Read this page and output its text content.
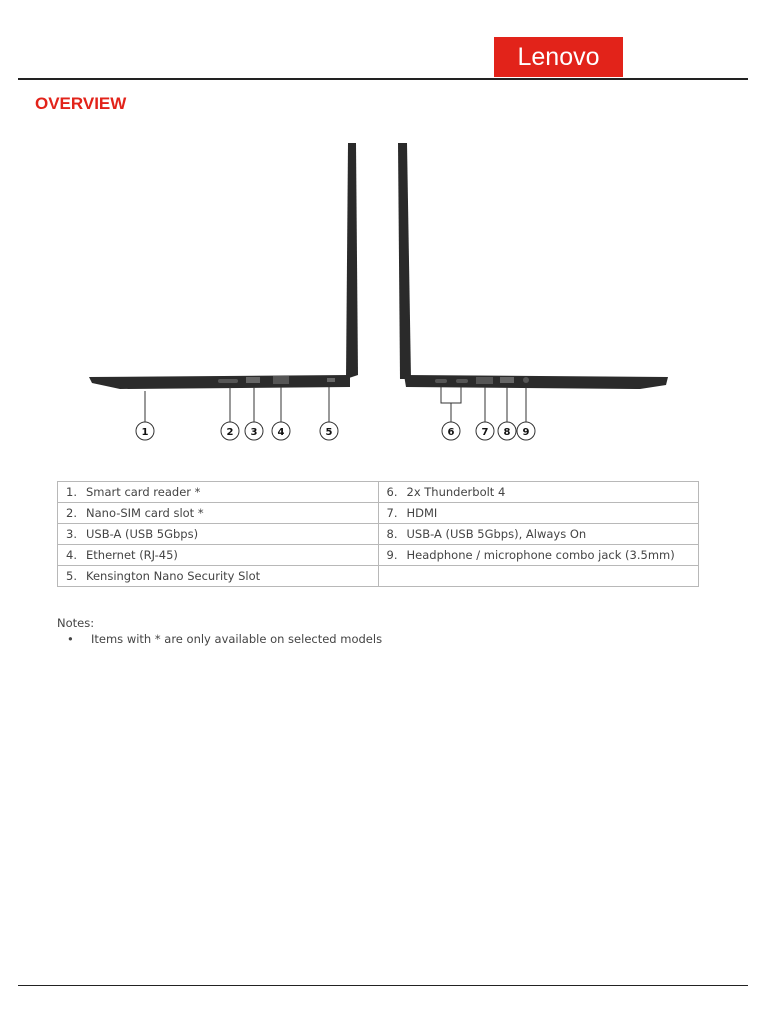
Lenovo
OVERVIEW
1	2 3 4	5	6	7 8 9
1. Smart card reader *	6. 2x Thunderbolt 4
2. Nano-SIM card slot *	7. HDMI
3. USB-A (USB 5Gbps)	8. USB-A (USB 5Gbps), Always On
4. Ethernet (RJ-45)	9. Headphone / microphone combo jack (3.5mm)
5. Kensington Nano Security Slot	
Notes:
• Items with * are only available on selected models
